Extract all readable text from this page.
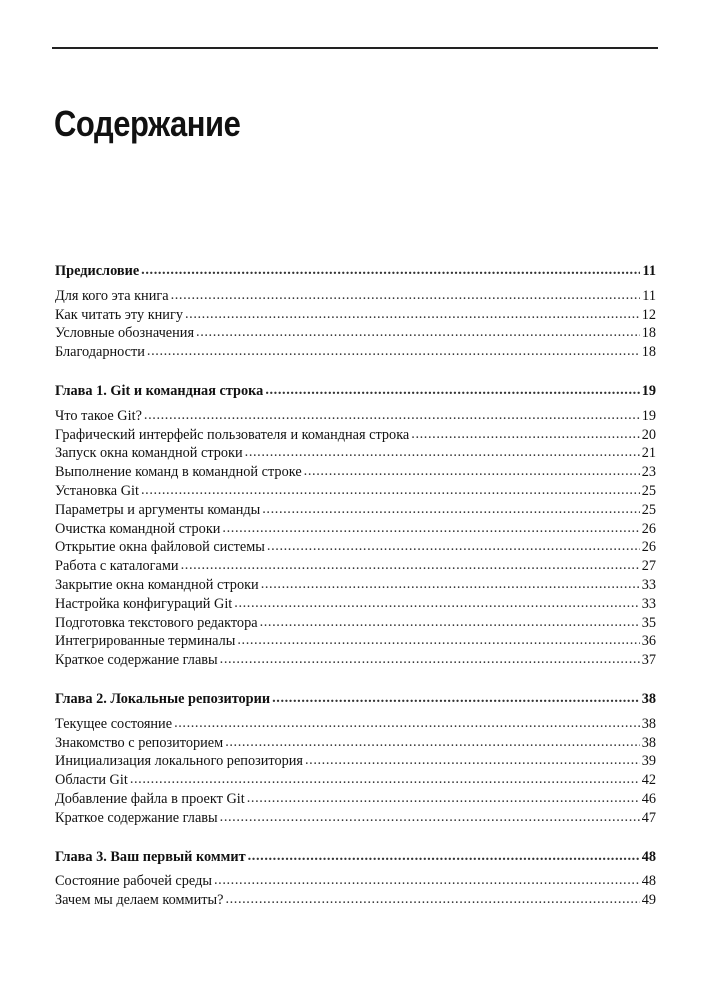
Содержание
Предисловие .....	11
Для кого эта книга .....	11
Как читать эту книгу .....	12
Условные обозначения .....	18
Благодарности .....	18
Глава 1. Git и командная строка .....	19
Что такое Git? .....	19
Графический интерфейс пользователя и командная строка .....	20
Запуск окна командной строки .....	21
Выполнение команд в командной строке .....	23
Установка Git .....	25
Параметры и аргументы команды .....	25
Очистка командной строки .....	26
Открытие окна файловой системы .....	26
Работа с каталогами .....	27
Закрытие окна командной строки .....	33
Настройка конфигураций Git .....	33
Подготовка текстового редактора .....	35
Интегрированные терминалы .....	36
Краткое содержание главы .....	37
Глава 2. Локальные репозитории .....	38
Текущее состояние .....	38
Знакомство с репозиторием .....	38
Инициализация локального репозитория .....	39
Области Git .....	42
Добавление файла в проект Git .....	46
Краткое содержание главы .....	47
Глава 3. Ваш первый коммит .....	48
Состояние рабочей среды .....	48
Зачем мы делаем коммиты? .....	49
